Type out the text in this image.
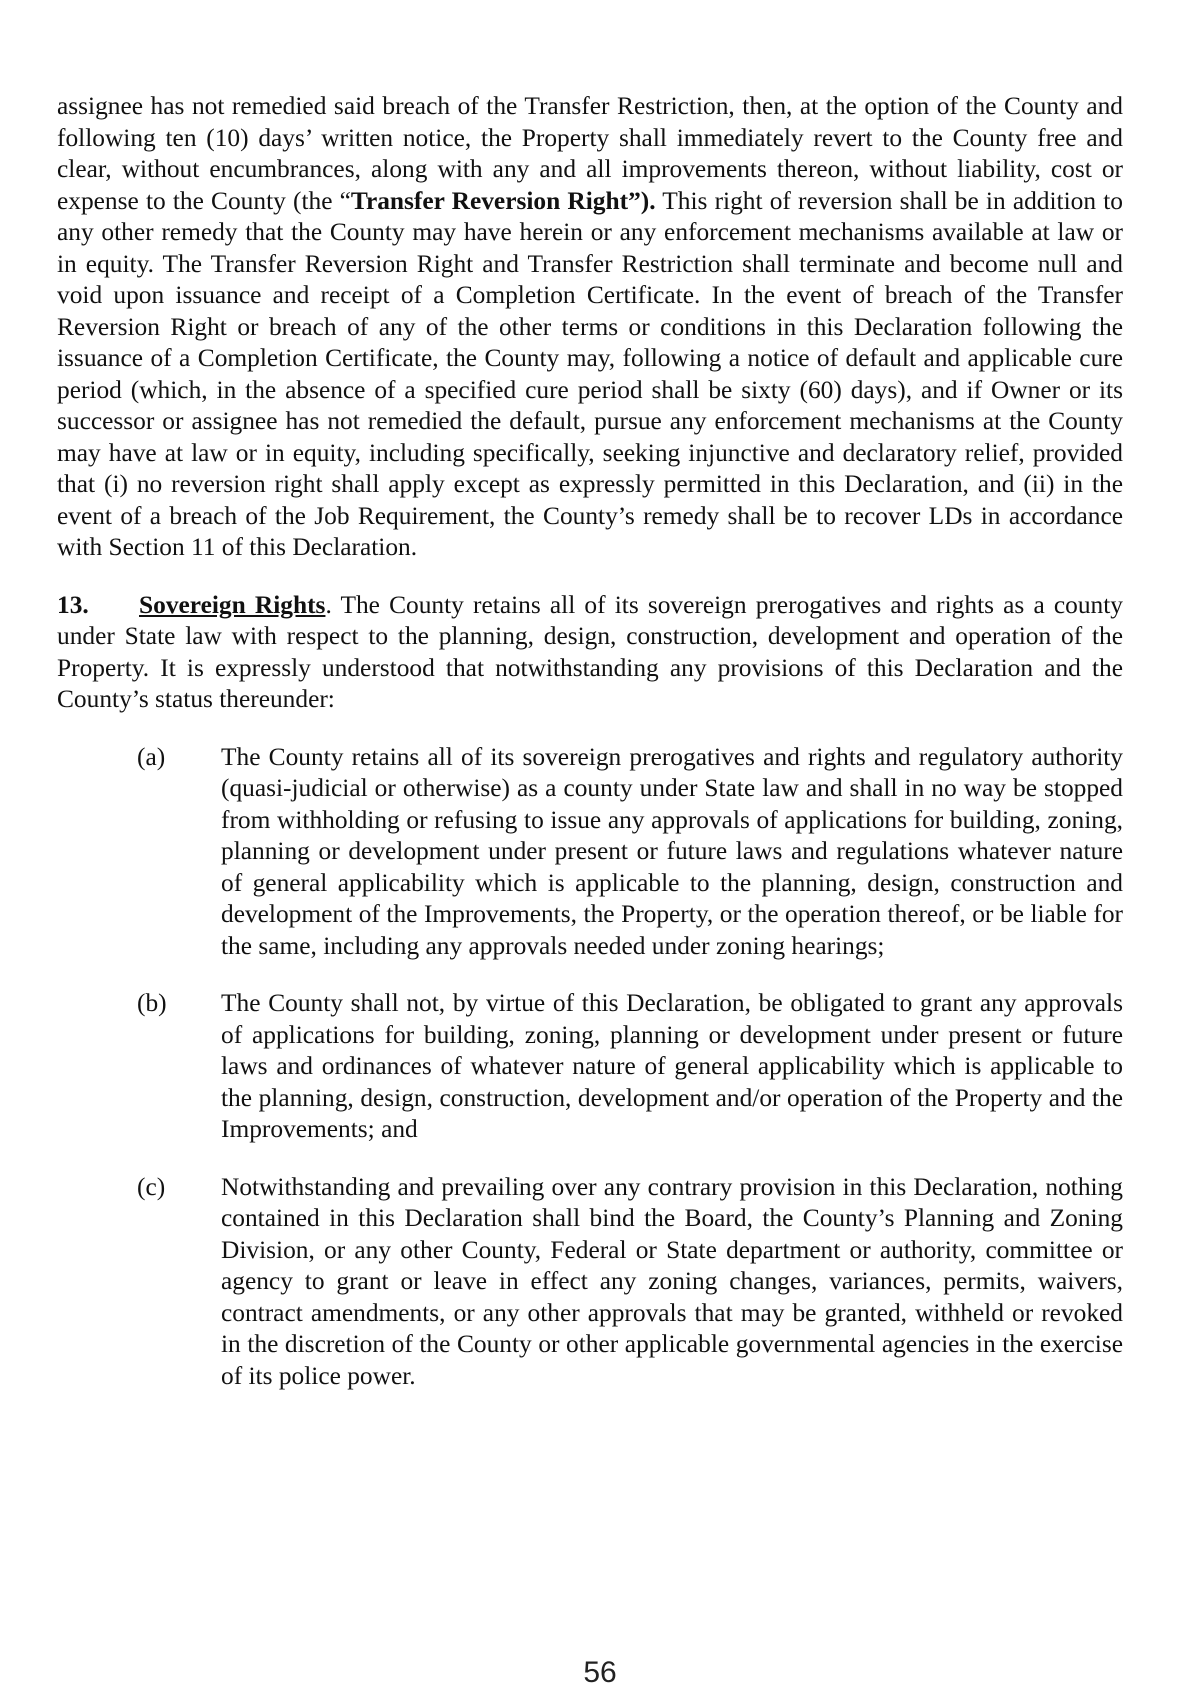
assignee has not remedied said breach of the Transfer Restriction, then, at the option of the County and following ten (10) days’ written notice, the Property shall immediately revert to the County free and clear, without encumbrances, along with any and all improvements thereon, without liability, cost or expense to the County (the “Transfer Reversion Right”). This right of reversion shall be in addition to any other remedy that the County may have herein or any enforcement mechanisms available at law or in equity. The Transfer Reversion Right and Transfer Restriction shall terminate and become null and void upon issuance and receipt of a Completion Certificate. In the event of breach of the Transfer Reversion Right or breach of any of the other terms or conditions in this Declaration following the issuance of a Completion Certificate, the County may, following a notice of default and applicable cure period (which, in the absence of a specified cure period shall be sixty (60) days), and if Owner or its successor or assignee has not remedied the default, pursue any enforcement mechanisms at the County may have at law or in equity, including specifically, seeking injunctive and declaratory relief, provided that (i) no reversion right shall apply except as expressly permitted in this Declaration, and (ii) in the event of a breach of the Job Requirement, the County’s remedy shall be to recover LDs in accordance with Section 11 of this Declaration.

13. Sovereign Rights. The County retains all of its sovereign prerogatives and rights as a county under State law with respect to the planning, design, construction, development and operation of the Property. It is expressly understood that notwithstanding any provisions of this Declaration and the County’s status thereunder:

(a)	The County retains all of its sovereign prerogatives and rights and regulatory authority (quasi-judicial or otherwise) as a county under State law and shall in no way be stopped from withholding or refusing to issue any approvals of applications for building, zoning, planning or development under present or future laws and regulations whatever nature of general applicability which is applicable to the planning, design, construction and development of the Improvements, the Property, or the operation thereof, or be liable for the same, including any approvals needed under zoning hearings;
(b)	The County shall not, by virtue of this Declaration, be obligated to grant any approvals of applications for building, zoning, planning or development under present or future laws and ordinances of whatever nature of general applicability which is applicable to the planning, design, construction, development and/or operation of the Property and the Improvements; and
(c)	Notwithstanding and prevailing over any contrary provision in this Declaration, nothing contained in this Declaration shall bind the Board, the County’s Planning and Zoning Division, or any other County, Federal or State department or authority, committee or agency to grant or leave in effect any zoning changes, variances, permits, waivers, contract amendments, or any other approvals that may be granted, withheld or revoked in the discretion of the County or other applicable governmental agencies in the exercise of its police power.
56
